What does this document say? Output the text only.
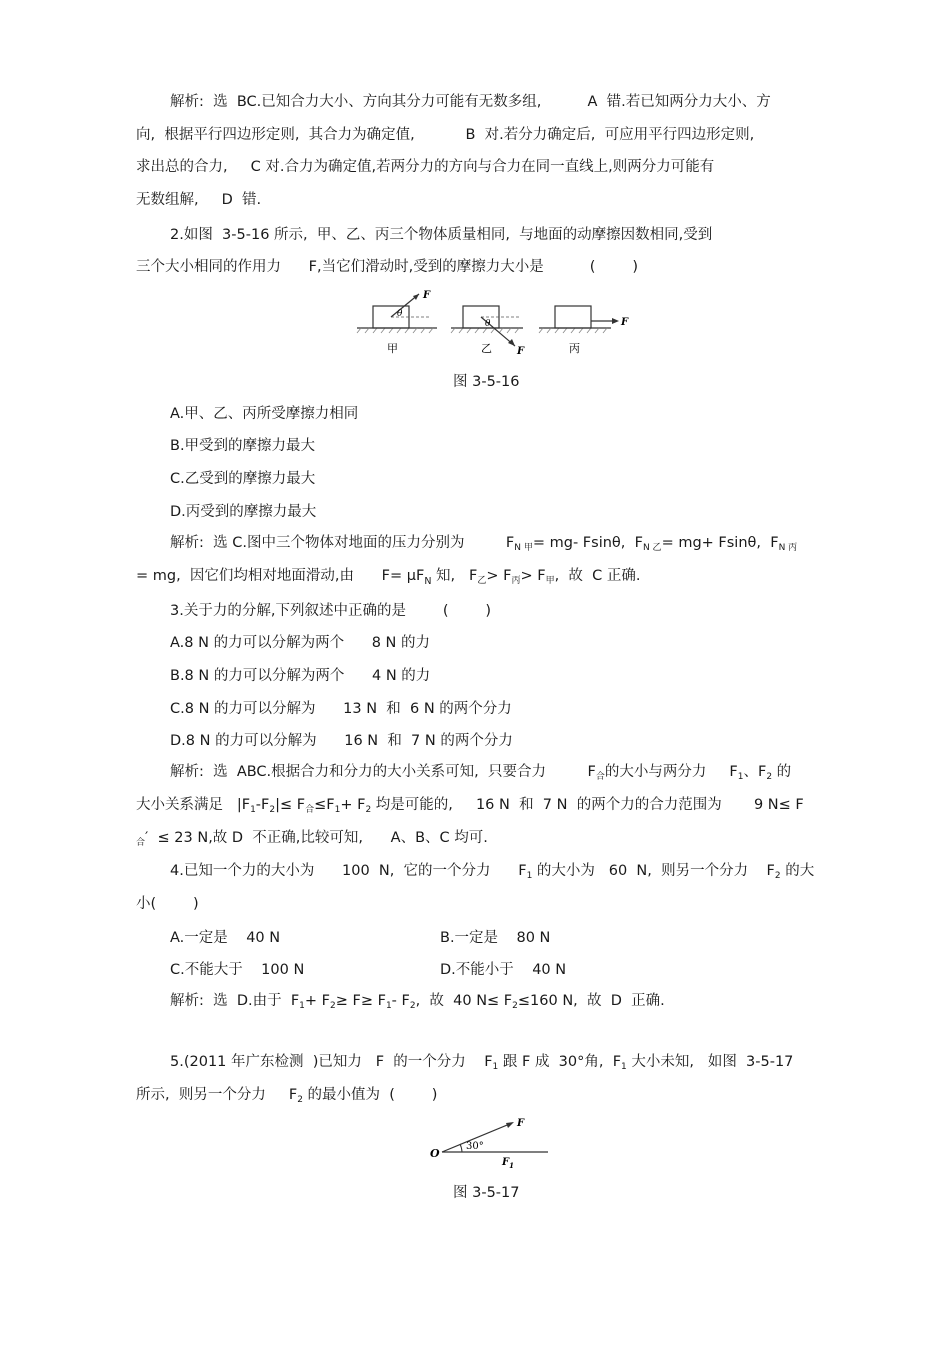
解析:  选  BC.已知合力大小、方向其分力可能有无数多组,          A  错.若已知两分力大小、方
向,  根据平行四边形定则,  其合力为确定值,           B  对.若分力确定后,  可应用平行四边形定则,
求出总的合力,     C 对.合力为确定值,若两分力的方向与合力在同一直线上,则两分力可能有
无数组解,     D  错.
2.如图  3-5-16 所示,  甲、乙、丙三个物体质量相同,  与地面的动摩擦因数相同,受到
三个大小相同的作用力      F,当它们滑动时,受到的摩擦力大小是          (        )
F
θ
甲	F
θ
乙
F
丙
图 3-5-16
A.甲、乙、丙所受摩擦力相同
B.甲受到的摩擦力最大
C.乙受到的摩擦力最大
D.丙受到的摩擦力最大
解析:  选 C.图中三个物体对地面的压力分别为         $F_{N 甲}= mg-$ Fsinθ,  $F_{N 乙}= mg+ Fsin\theta$,  $F_{N 丙}$
= mg,  因它们均相对地面滑动,由      $F= \mu F_N$ 知,   $F_乙> F_丙> F_甲$,  故  C 正确.
3.关于力的分解,下列叙述中正确的是        (        )
A.8 N 的力可以分解为两个      8 N 的力
B.8 N 的力可以分解为两个      4 N 的力
C.8 N 的力可以分解为      13 N  和  6 N 的两个分力
D.8 N 的力可以分解为      16 N  和  7 N 的两个分力
解析:  选  ABC.根据合力和分力的大小关系可知,  只要合力         $F_合$的大小与两分力     $F_1$、$F_2$ 的
大小关系满足   $|F_1-F_2|\le F_合\le F_1+ F_2$ 均是可能的,     16 N  和  7 N  的两个力的合力范围为       9 N≤ F
$_合$′  ≤ 23 N,故 D  不正确,比较可知,      A、B、C 均可.
4.已知一个力的大小为      100  N,  它的一个分力      $F_1$ 的大小为   60  N,  则另一个分力    $F_2$ 的大
小(        )
A.一定是    40 N	B.一定是    80 N
C.不能大于    100 N	D.不能小于    40 N
解析:  选  D.由于  $F_1+ F_2\ge F\ge F_1-$ $F_2$,  故  40 $N\le F_2\le 160$ N,  故  D  正确.
5.(2011 年广东检测  )已知力   F  的一个分力    $F_1$ 跟 F 成  30°角,  $F_1$ 大小未知,   如图  3-5-17
所示,  则另一个分力     $F_2$ 的最小值为  (        )
O
30°
F
$F_1$
图 3-5-17
